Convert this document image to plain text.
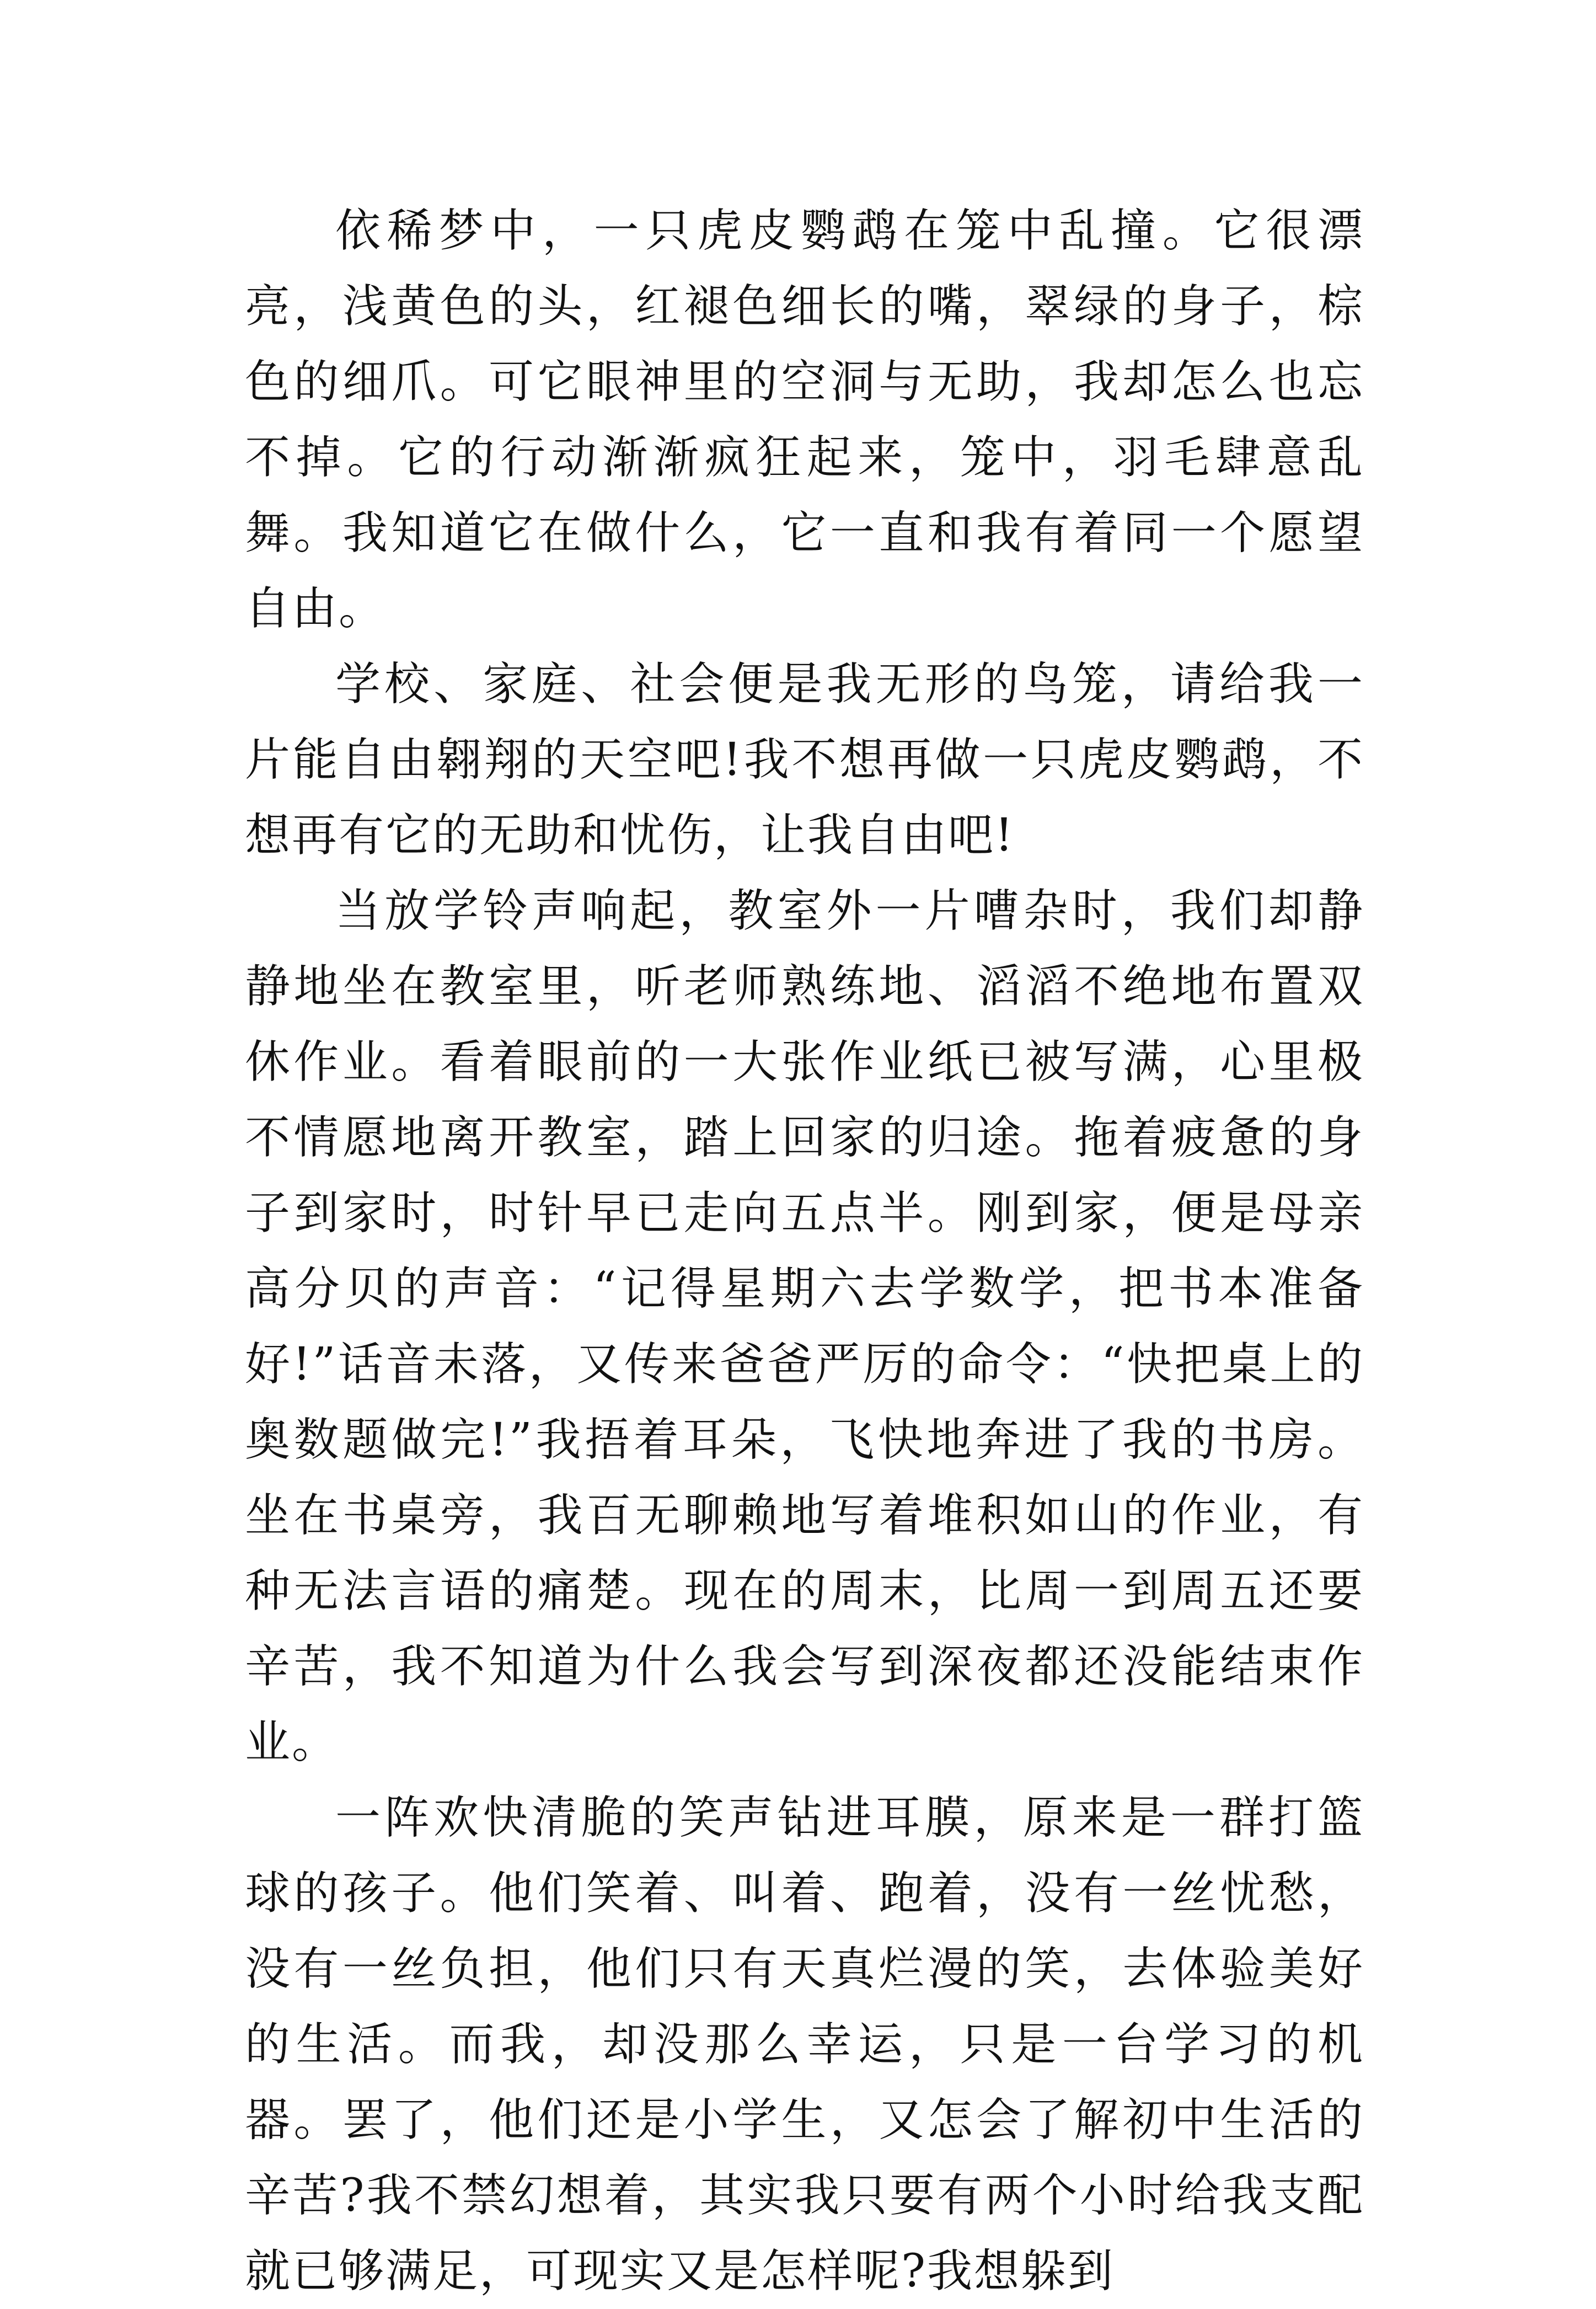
依稀梦中，一只虎皮鹦鹉在笼中乱撞。它很漂亮，浅黄色的头，红褪色细长的嘴，翠绿的身子，棕色的细爪。可它眼神里的空洞与无助，我却怎么也忘不掉。它的行动渐渐疯狂起来，笼中，羽毛肆意乱舞。我知道它在做什么，它一直和我有着同一个愿望自由。

学校、家庭、社会便是我无形的鸟笼，请给我一片能自由翱翔的天空吧!我不想再做一只虎皮鹦鹉，不想再有它的无助和忧伤，让我自由吧!

当放学铃声响起，教室外一片嘈杂时，我们却静静地坐在教室里，听老师熟练地、滔滔不绝地布置双休作业。看着眼前的一大张作业纸已被写满，心里极不情愿地离开教室，踏上回家的归途。拖着疲惫的身子到家时，时针早已走向五点半。刚到家，便是母亲高分贝的声音：“记得星期六去学数学，把书本准备好!”话音未落，又传来爸爸严厉的命令：“快把桌上的奥数题做完!”我捂着耳朵，飞快地奔进了我的书房。坐在书桌旁，我百无聊赖地写着堆积如山的作业，有种无法言语的痛楚。现在的周末，比周一到周五还要辛苦，我不知道为什么我会写到深夜都还没能结束作业。

一阵欢快清脆的笑声钻进耳膜，原来是一群打篮球的孩子。他们笑着、叫着、跑着，没有一丝忧愁，没有一丝负担，他们只有天真烂漫的笑，去体验美好的生活。而我，却没那么幸运，只是一台学习的机器。罢了，他们还是小学生，又怎会了解初中生活的辛苦?我不禁幻想着，其实我只要有两个小时给我支配就已够满足，可现实又是怎样呢?我想躲到
